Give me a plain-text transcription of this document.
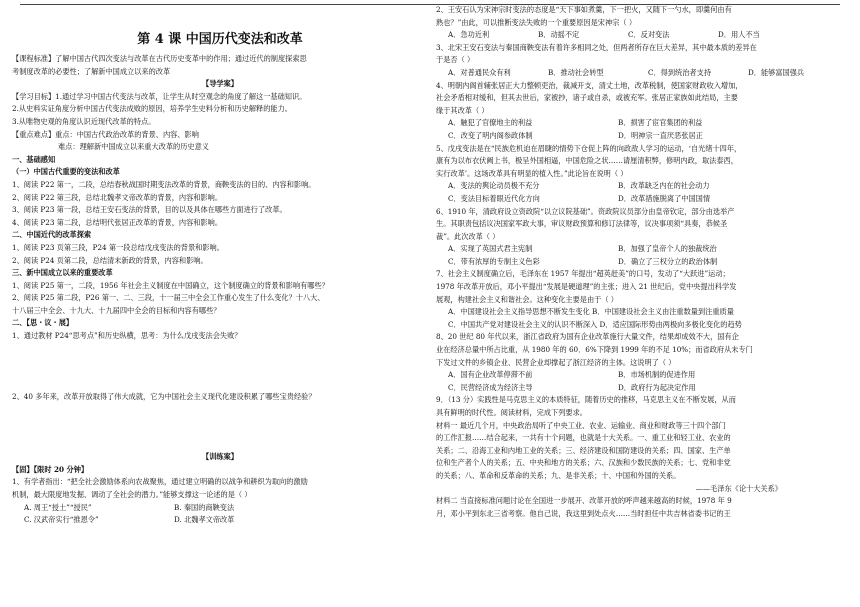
第 4 课 中国历代变法和改革
【课程标准】了解中国古代四次变法与改革在古代历史变革中的作用；通过近代的制度探索思
考制度改革的必要性；了解新中国成立以来的改革
【导学案】
【学习目标】1.通过学习中国古代变法与改革，让学生从时空观念的角度了解这一基础知识。
2.从史料实证角度分析中国古代变法成败的原因，培养学生史料分析和历史解释的能力。
3.从唯物史观的角度认识近现代改革的特点。
【重点难点】重点：中国古代政治改革的背景、内容、影响
难点：理解新中国成立以来重大改革的历史意义
一、基础感知
（一）中国古代重要的变法和改革
1、阅读 P22 第一，二段，总结春秋战国时期变法改革的背景，商鞅变法的目的、内容和影响。
2、阅读 P22 第三段，总结北魏孝文帝改革的背景，内容和影响。
3、阅读 P23 第一段，总结王安石变法的背景，目的以及具体在哪些方面进行了改革。
4、阅读 P23 第二段，总结明代张居正改革的背景，内容和影响。
二、中国近代的改革探索
1、阅读 P23 页第三段，P24 第一段总结戊戌变法的背景和影响。
2、阅读 P24 页第二段，总结清末新政的背景，内容和影响。
三、新中国成立以来的重要改革
1、阅读 P25 第一，二段，1956 年社会主义制度在中国确立，这个制度确立的背景和影响有哪些？
2、阅读 P25 第二段，P26 第一、二、三段，十一届三中全会工作重心发生了什么变化？十八大、
十八届三中全会、十九大、十九届四中全会的目标和内容有哪些？
二、【思・议・展】
1、通过教材 P24“思考点”和历史纵横，思考：为什么戊戌变法会失败？
2、40 多年来，改革开放取得了伟大成就，它为中国社会主义现代化建设积累了哪些宝贵经验？
【训练案】
【固】【限时 20 分钟】
1、有学者指出：“把全社会激励体系向农战聚焦，通过建立明确的以战争和耕织为取向的激励
机制，最大限度地发掘、调动了全社会的潜力。”能够支撑这一论述的是（ ）
A. 周王“授土”“授民”	B. 秦国的商鞅变法
C. 汉武帝实行“推恩令”	D. 北魏孝文帝改革
2、王安石认为宋神宗时变法的态度是“天下事如煮羹，下一把火，又随下一勺水，即羹何由有
熟也？”由此，可以推断变法失败的一个重要原因是宋神宗（ ）
A．急功近利	B．动摇不定	C．反对变法	D．用人不当
3、北宋王安石变法与秦国商鞅变法有着许多相同之处，但两者所存在巨大差异，其中最本质的差异在
于是否（ ）
A．对普通民众有利	B．推动社会转型	C．得到统治者支持	D．能够富国强兵
4、明朝内阁首辅张居正大力整顿吏治，裁减开支，清丈土地，改革税制，使国家财政收入增加，
社会矛盾相对缓和，但其去世后，家被抄，诸子或自杀，或被充军。张居正家族如此结局，主要
缘于其改革（ ）
A．触犯了官僚地主的利益	B．损害了宦官集团的利益
C．改变了明内阁参政体制	D．明神宗一直厌恶张居正
5、戊戌变法是在“民族危机迫在眉睫的情势下仓促上阵的向政敌人学习的运动，‘自光绪十四年，
康有为以布衣伏阙上书，极呈外国相逼，中国危险之状……请厘清积弊，修明内政，取法泰西，
实行改革’。这场改革具有明显的植入性。”此论旨在说明（ ）
A．变法的舆论动员极不充分	B．改革缺乏内在的社会动力
C．变法目标着眼近代化方向	D．改革措施脱离了中国国情
6、1910 年，清政府设立资政院“以立议院基础”。资政院议员部分由皇帝钦定，部分由选举产
生。其职责包括议决国家军政大事，审议财政预算和修订法律等，议决事项须“具奏，恭候圣
裁”。此次改革（ ）
A．实现了英国式君主宪制	B．加强了皇帝个人的独裁统治
C．带有浓厚的专制主义色彩	D．确立了三权分立的政治体制
7、社会主义制度确立后，毛泽东在 1957 年提出“超英赶美”的口号，发动了“大跃进”运动；
1978 年改革开放后，邓小平提出“发展是硬道理”的主张；进入 21 世纪后，党中央提出科学发
展观，构建社会主义和谐社会。这种变化主要是由于（ ）
A．中国建设社会主义指导思想不断发生变化 B．中国建设社会主义由注重数量到注重质量
C．中国共产党对建设社会主义的认识不断深入 D．适应国际形势由两极向多极化变化的趋势
8、20 世纪 80 年代以来，浙江省政府为国有企业改革施行大量文件，结果却成效不大，国有企
业在经济总量中所占比重，从 1980 年的 60．6%下降到 1999 年的不足 10%；而省政府从未专门
下发过文件的乡镇企业、民营企业却撑起了浙江经济的主体。这说明了（ ）
A．国有企业改革停滞不前	B．市场机制的促进作用
C．民营经济成为经济主导	D．政府行为起决定作用
9．（13 分）实践性是马克思主义的本质特征，随着历史的推移，马克思主义在不断发展，从而
具有鲜明的时代性。阅读材料，完成下列要求。
材料一 最近几个月，中央政治局听了中央工业、农业、运输业、商业和财政等三十四个部门
的工作汇报……结合起来，一共有十个问题，也就是十大关系。一、重工业和轻工业、农业的
关系；二、沿海工业和内地工业的关系；三、经济建设和国防建设的关系；四、国家、生产单
位和生产者个人的关系；五、中央和地方的关系；六、汉族和少数民族的关系；七、党和非党
的关系；八、革命和反革命的关系；九、是非关系；十、中国和外国的关系。
——毛泽东《论十大关系》
材料二 当直接标准问题讨论在全国进一步展开、改革开放的呼声越来越高的时候，1978 年 9
月，邓小平到东北三省考察。他自己说，我这里到处点火……当时担任中共吉林省委书记的王
